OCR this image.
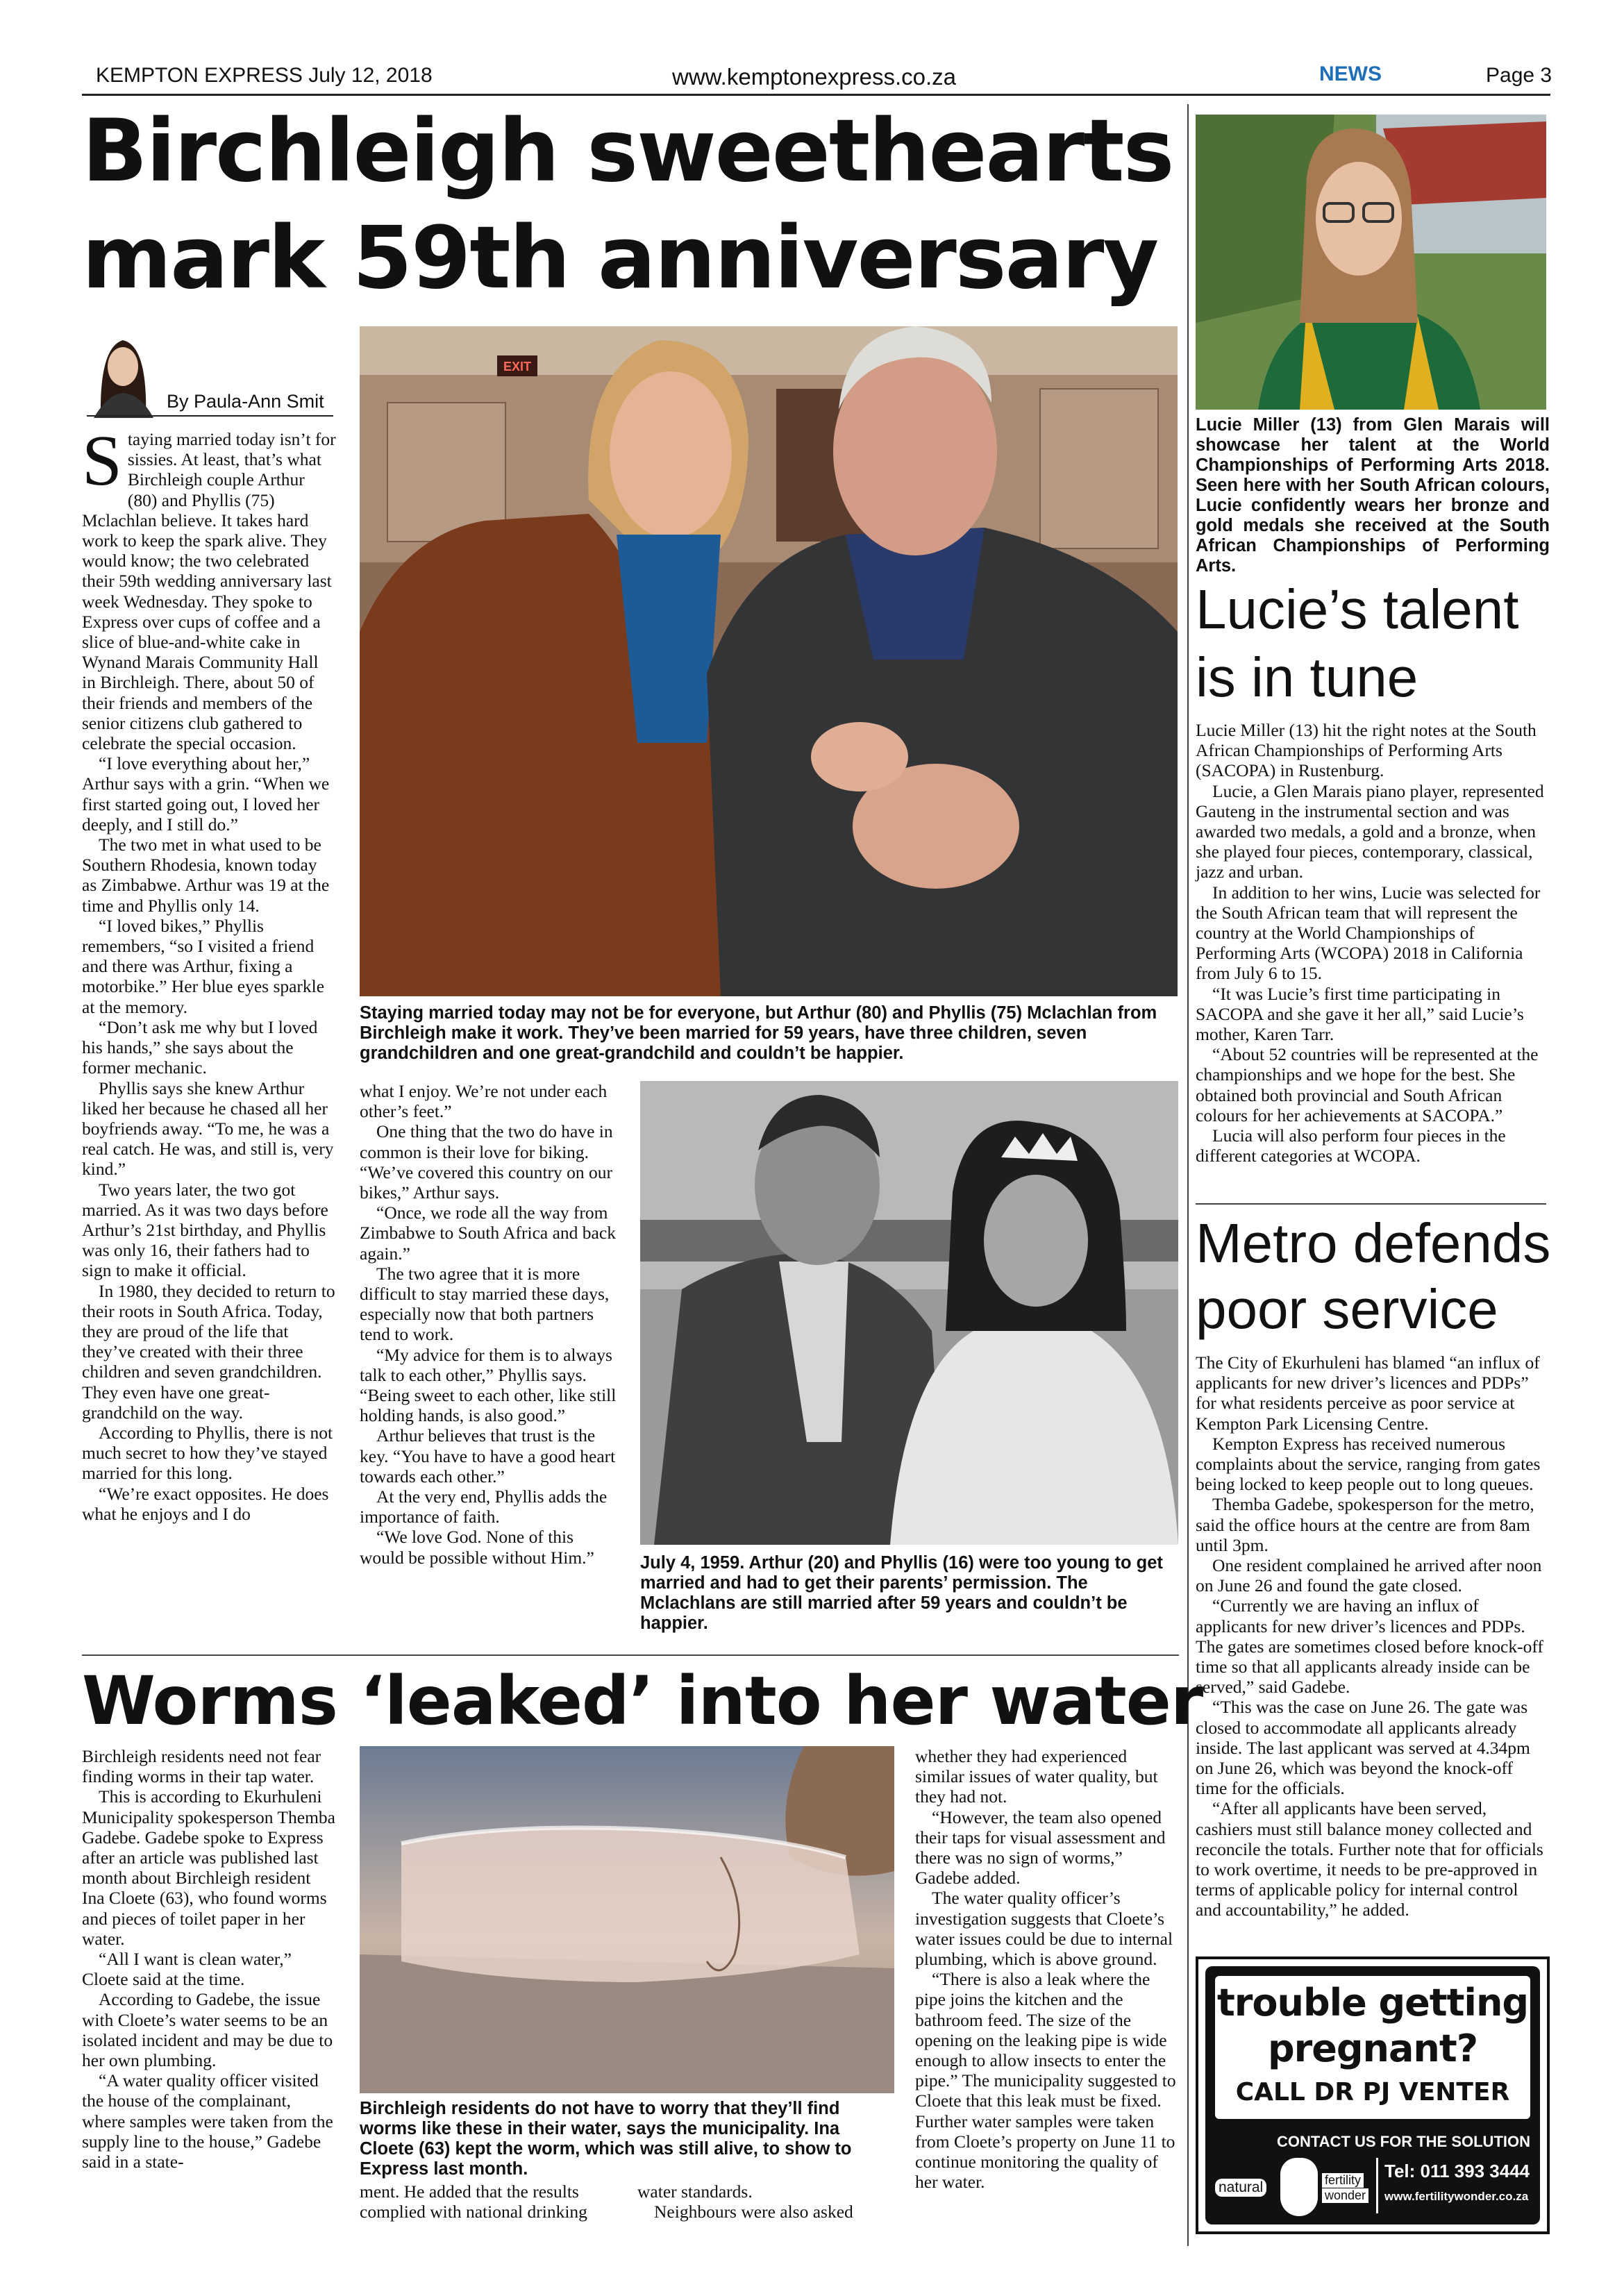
KEMPTON EXPRESS July 12, 2018	www.kemptonexpress.co.za	NEWS	Page 3
Birchleigh sweethearts
mark 59th anniversary
By Paula-Ann Smit
S taying married today isn’t for sissies. At least, that’s what Birchleigh couple Arthur (80) and Phyllis (75) Mclachlan believe. It takes hard work to keep the spark alive. They would know; the two celebrated their 59th wedding anniversary last week Wednesday. They spoke to Express over cups of coffee and a slice of blue-and-white cake in Wynand Marais Community Hall in Birchleigh. There, about 50 of their friends and members of the senior citizens club gathered to celebrate the special occasion.

“I love everything about her,” Arthur says with a grin. “When we first started going out, I loved her deeply, and I still do.”

The two met in what used to be Southern Rhodesia, known today as Zimbabwe. Arthur was 19 at the time and Phyllis only 14.

“I loved bikes,” Phyllis remembers, “so I visited a friend and there was Arthur, fixing a motorbike.” Her blue eyes sparkle at the memory.

“Don’t ask me why but I loved his hands,” she says about the former mechanic.

Phyllis says she knew Arthur liked her because he chased all her boyfriends away. “To me, he was a real catch. He was, and still is, very kind.”

Two years later, the two got married. As it was two days before Arthur’s 21st birthday, and Phyllis was only 16, their fathers had to sign to make it official.

In 1980, they decided to return to their roots in South Africa. Today, they are proud of the life that they’ve created with their three children and seven grandchildren. They even have one great-grandchild on the way.

According to Phyllis, there is not much secret to how they’ve stayed married for this long.

“We’re exact opposites. He does what he enjoys and I do

EXIT
Staying married today may not be for everyone, but Arthur (80) and Phyllis (75) Mclachlan from Birchleigh make it work. They’ve been married for 59 years, have three children, seven grandchildren and one great-grandchild and couldn’t be happier.

what I enjoy. We’re not under each other’s feet.”

One thing that the two do have in common is their love for biking. “We’ve covered this country on our bikes,” Arthur says.

“Once, we rode all the way from Zimbabwe to South Africa and back again.”

The two agree that it is more difficult to stay married these days, especially now that both partners tend to work.

“My advice for them is to always talk to each other,” Phyllis says. “Being sweet to each other, like still holding hands, is also good.”

Arthur believes that trust is the key. “You have to have a good heart towards each other.”

At the very end, Phyllis adds the importance of faith.

“We love God. None of this would be possible without Him.”	July 4, 1959. Arthur (20) and Phyllis (16) were too young to get married and had to get their parents’ permission. The Mclachlans are still married after 59 years and couldn’t be happier.
Lucie Miller (13) from Glen Marais will showcase her talent at the World Championships of Performing Arts 2018. Seen here with her South African colours, Lucie confidently wears her bronze and gold medals she received at the South African Championships of Performing Arts.
Lucie’s talent
is in tune

Lucie Miller (13) hit the right notes at the South African Championships of Performing Arts (SACOPA) in Rustenburg.

Lucie, a Glen Marais piano player, represented Gauteng in the instrumental section and was awarded two medals, a gold and a bronze, when she played four pieces, contemporary, classical, jazz and urban.

In addition to her wins, Lucie was selected for the South African team that will represent the country at the World Championships of Performing Arts (WCOPA) 2018 in California from July 6 to 15.

“It was Lucie’s first time participating in SACOPA and she gave it her all,” said Lucie’s mother, Karen Tarr.

“About 52 countries will be represented at the championships and we hope for the best. She obtained both provincial and South African colours for her achievements at SACOPA.”

Lucia will also perform four pieces in the different categories at WCOPA.

Metro defends
poor service

The City of Ekurhuleni has blamed “an influx of applicants for new driver’s licences and PDPs” for what residents perceive as poor service at Kempton Park Licensing Centre.

Kempton Express has received numerous complaints about the service, ranging from gates being locked to keep people out to long queues.

Themba Gadebe, spokesperson for the metro, said the office hours at the centre are from 8am until 3pm.

One resident complained he arrived after noon on June 26 and found the gate closed.

“Currently we are having an influx of applicants for new driver’s licences and PDPs. The gates are sometimes closed before knock-off time so that all applicants already inside can be served,” said Gadebe.

“This was the case on June 26. The gate was closed to accommodate all applicants already inside. The last applicant was served at 4.34pm on June 26, which was beyond the knock-off time for the officials.

“After all applicants have been served, cashiers must still balance money collected and reconcile the totals. Further note that for officials to work overtime, it needs to be pre-approved in terms of applicable policy for internal control and accountability,” he added.

Worms ‘leaked’ into her water

Birchleigh residents need not fear finding worms in their tap water.

This is according to Ekurhuleni Municipality spokesperson Themba Gadebe. Gadebe spoke to Express after an article was published last month about Birchleigh resident Ina Cloete (63), who found worms and pieces of toilet paper in her water.

“All I want is clean water,” Cloete said at the time.

According to Gadebe, the issue with Cloete’s water seems to be an isolated incident and may be due to her own plumbing.

“A water quality officer visited the house of the complainant, where samples were taken from the supply line to the house,” Gadebe said in a state-

Birchleigh residents do not have to worry that they’ll find worms like these in their water, says the municipality. Ina Cloete (63) kept the worm, which was still alive, to show to Express last month.

ment. He added that the results complied with national drinking

water standards.

Neighbours were also asked

whether they had experienced similar issues of water quality, but they had not.

“However, the team also opened their taps for visual assessment and there was no sign of worms,” Gadebe added.

The water quality officer’s investigation suggests that Cloete’s water issues could be due to internal plumbing, which is above ground.

“There is also a leak where the pipe joins the kitchen and the bathroom feed. The size of the opening on the leaking pipe is wide enough to allow insects to enter the pipe.” The municipality suggested to Cloete that this leak must be fixed. Further water samples were taken from Cloete’s property on June 11 to continue monitoring the quality of her water.

trouble getting
pregnant?
CALL DR PJ VENTER
CONTACT US FOR THE SOLUTION
natural	fertility
wonder
Tel: 011 393 3444
www.fertilitywonder.co.za
